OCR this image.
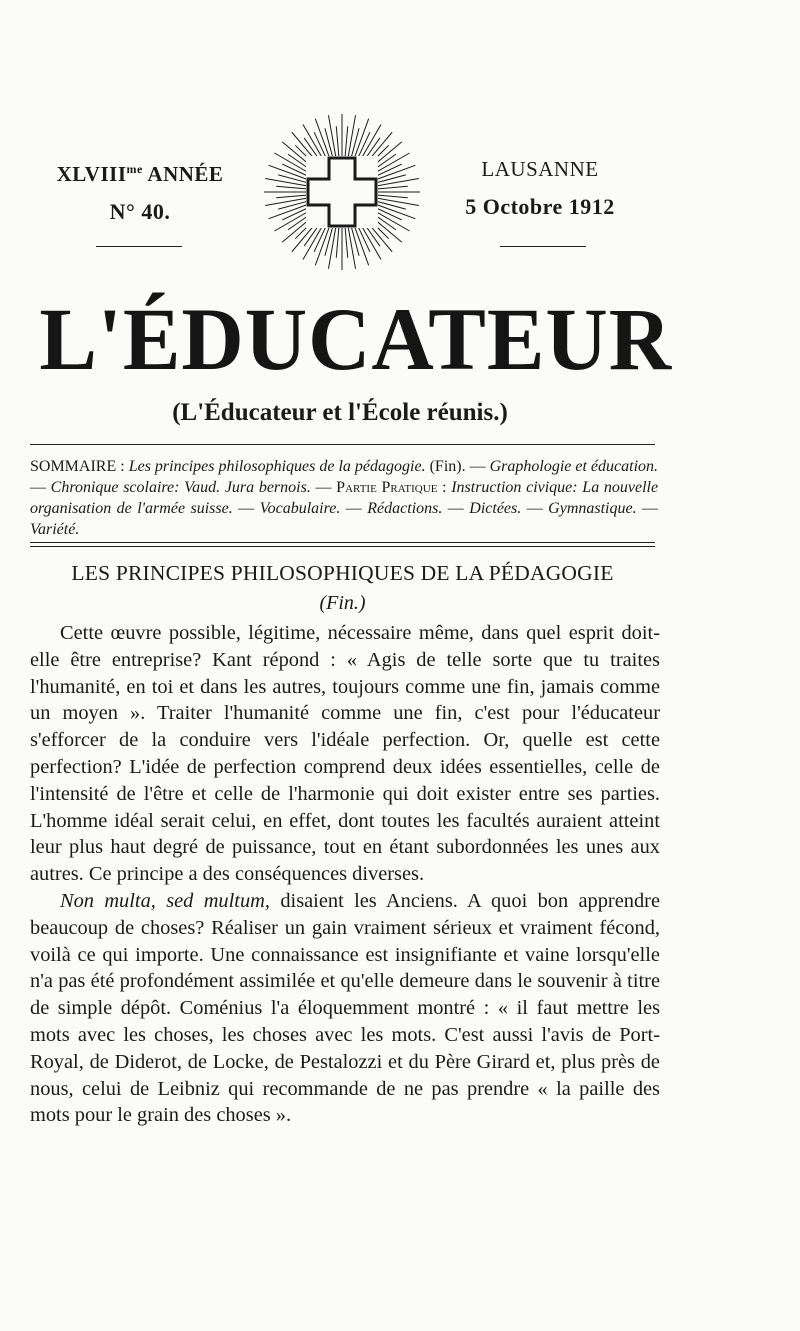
$XLVIII^{me}$ ANNÉE
N° 40.
LAUSANNE
5 Octobre 1912
L'ÉDUCATEUR
(L'Éducateur et l'École réunis.)
SOMMAIRE : Les principes philosophiques de la pédagogie. (Fin). — Graphologie et éducation. — Chronique scolaire: Vaud. Jura bernois. — Partie Pratique : Instruction civique: La nouvelle organisation de l'armée suisse. — Vocabulaire. — Rédactions. — Dictées. — Gymnastique. — Variété.
LES PRINCIPES PHILOSOPHIQUES DE LA PÉDAGOGIE
(Fin.)

Cette œuvre possible, légitime, nécessaire même, dans quel esprit doit-elle être entreprise? Kant répond : « Agis de telle sorte que tu traites l'humanité, en toi et dans les autres, toujours comme une fin, jamais comme un moyen ». Traiter l'humanité comme une fin, c'est pour l'éducateur s'efforcer de la conduire vers l'idéale perfection. Or, quelle est cette perfection? L'idée de perfection comprend deux idées essentielles, celle de l'intensité de l'être et celle de l'harmonie qui doit exister entre ses parties. L'homme idéal serait celui, en effet, dont toutes les facultés auraient atteint leur plus haut degré de puissance, tout en étant subordonnées les unes aux autres. Ce principe a des conséquences diverses.

Non multa, sed multum, disaient les Anciens. A quoi bon apprendre beaucoup de choses? Réaliser un gain vraiment sérieux et vraiment fécond, voilà ce qui importe. Une connaissance est insignifiante et vaine lorsqu'elle n'a pas été profondément assimilée et qu'elle demeure dans le souvenir à titre de simple dépôt. Coménius l'a éloquemment montré : « il faut mettre les mots avec les choses, les choses avec les mots. C'est aussi l'avis de Port-Royal, de Diderot, de Locke, de Pestalozzi et du Père Girard et, plus près de nous, celui de Leibniz qui recommande de ne pas prendre « la paille des mots pour le grain des choses ».
